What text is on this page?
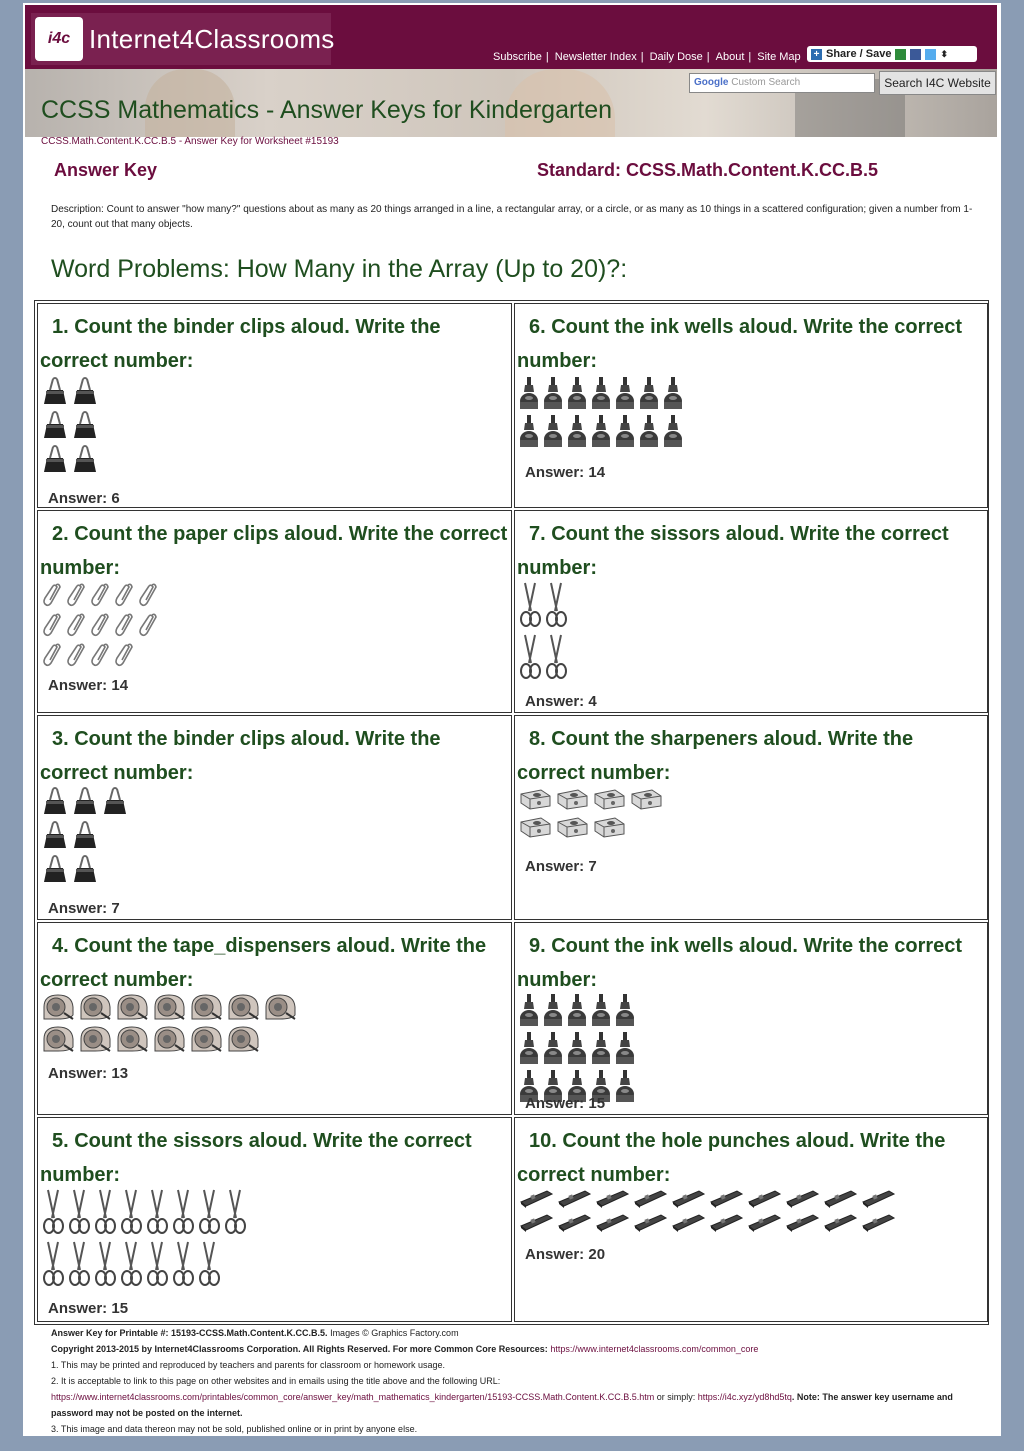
i4c Internet4Classrooms
Subscribe | Newsletter Index | Daily Dose | About | Site Map + Share / Save	⬍
Google Custom Search	Search I4C Website
CCSS Mathematics - Answer Keys for Kindergarten
CCSS.Math.Content.K.CC.B.5 - Answer Key for Worksheet #15193
Answer Key	Standard: CCSS.Math.Content.K.CC.B.5
Description: Count to answer "how many?" questions about as many as 20 things arranged in a line, a rectangular array, or a circle, or as many as 10 things in a scattered configuration; given a number from 1-20, count out that many objects.
Word Problems: How Many in the Array (Up to 20)?:
1. Count the binder clips aloud. Write the correct number:
Answer: 6
6. Count the ink wells aloud. Write the correct number:
Answer: 14
2. Count the paper clips aloud. Write the correct number:
Answer: 14
7. Count the sissors aloud. Write the correct number:
Answer: 4
3. Count the binder clips aloud. Write the correct number:
Answer: 7
8. Count the sharpeners aloud. Write the correct number:
Answer: 7
4. Count the tape_dispensers aloud. Write the correct number:
Answer: 13
9. Count the ink wells aloud. Write the correct number:
Answer: 15
5. Count the sissors aloud. Write the correct number:
Answer: 15
10. Count the hole punches aloud. Write the correct number:
Answer: 20
Answer Key for Printable #: 15193-CCSS.Math.Content.K.CC.B.5. Images © Graphics Factory.com
Copyright 2013-2015 by Internet4Classrooms Corporation. All Rights Reserved. For more Common Core Resources: https://www.internet4classrooms.com/common_core
1. This may be printed and reproduced by teachers and parents for classroom or homework usage.
2. It is acceptable to link to this page on other websites and in emails using the title above and the following URL:
https://www.internet4classrooms.com/printables/common_core/answer_key/math_mathematics_kindergarten/15193-CCSS.Math.Content.K.CC.B.5.htm or simply: https://i4c.xyz/yd8hd5tq. Note: The answer key username and password may not be posted on the internet.
3. This image and data thereon may not be sold, published online or in print by anyone else.
